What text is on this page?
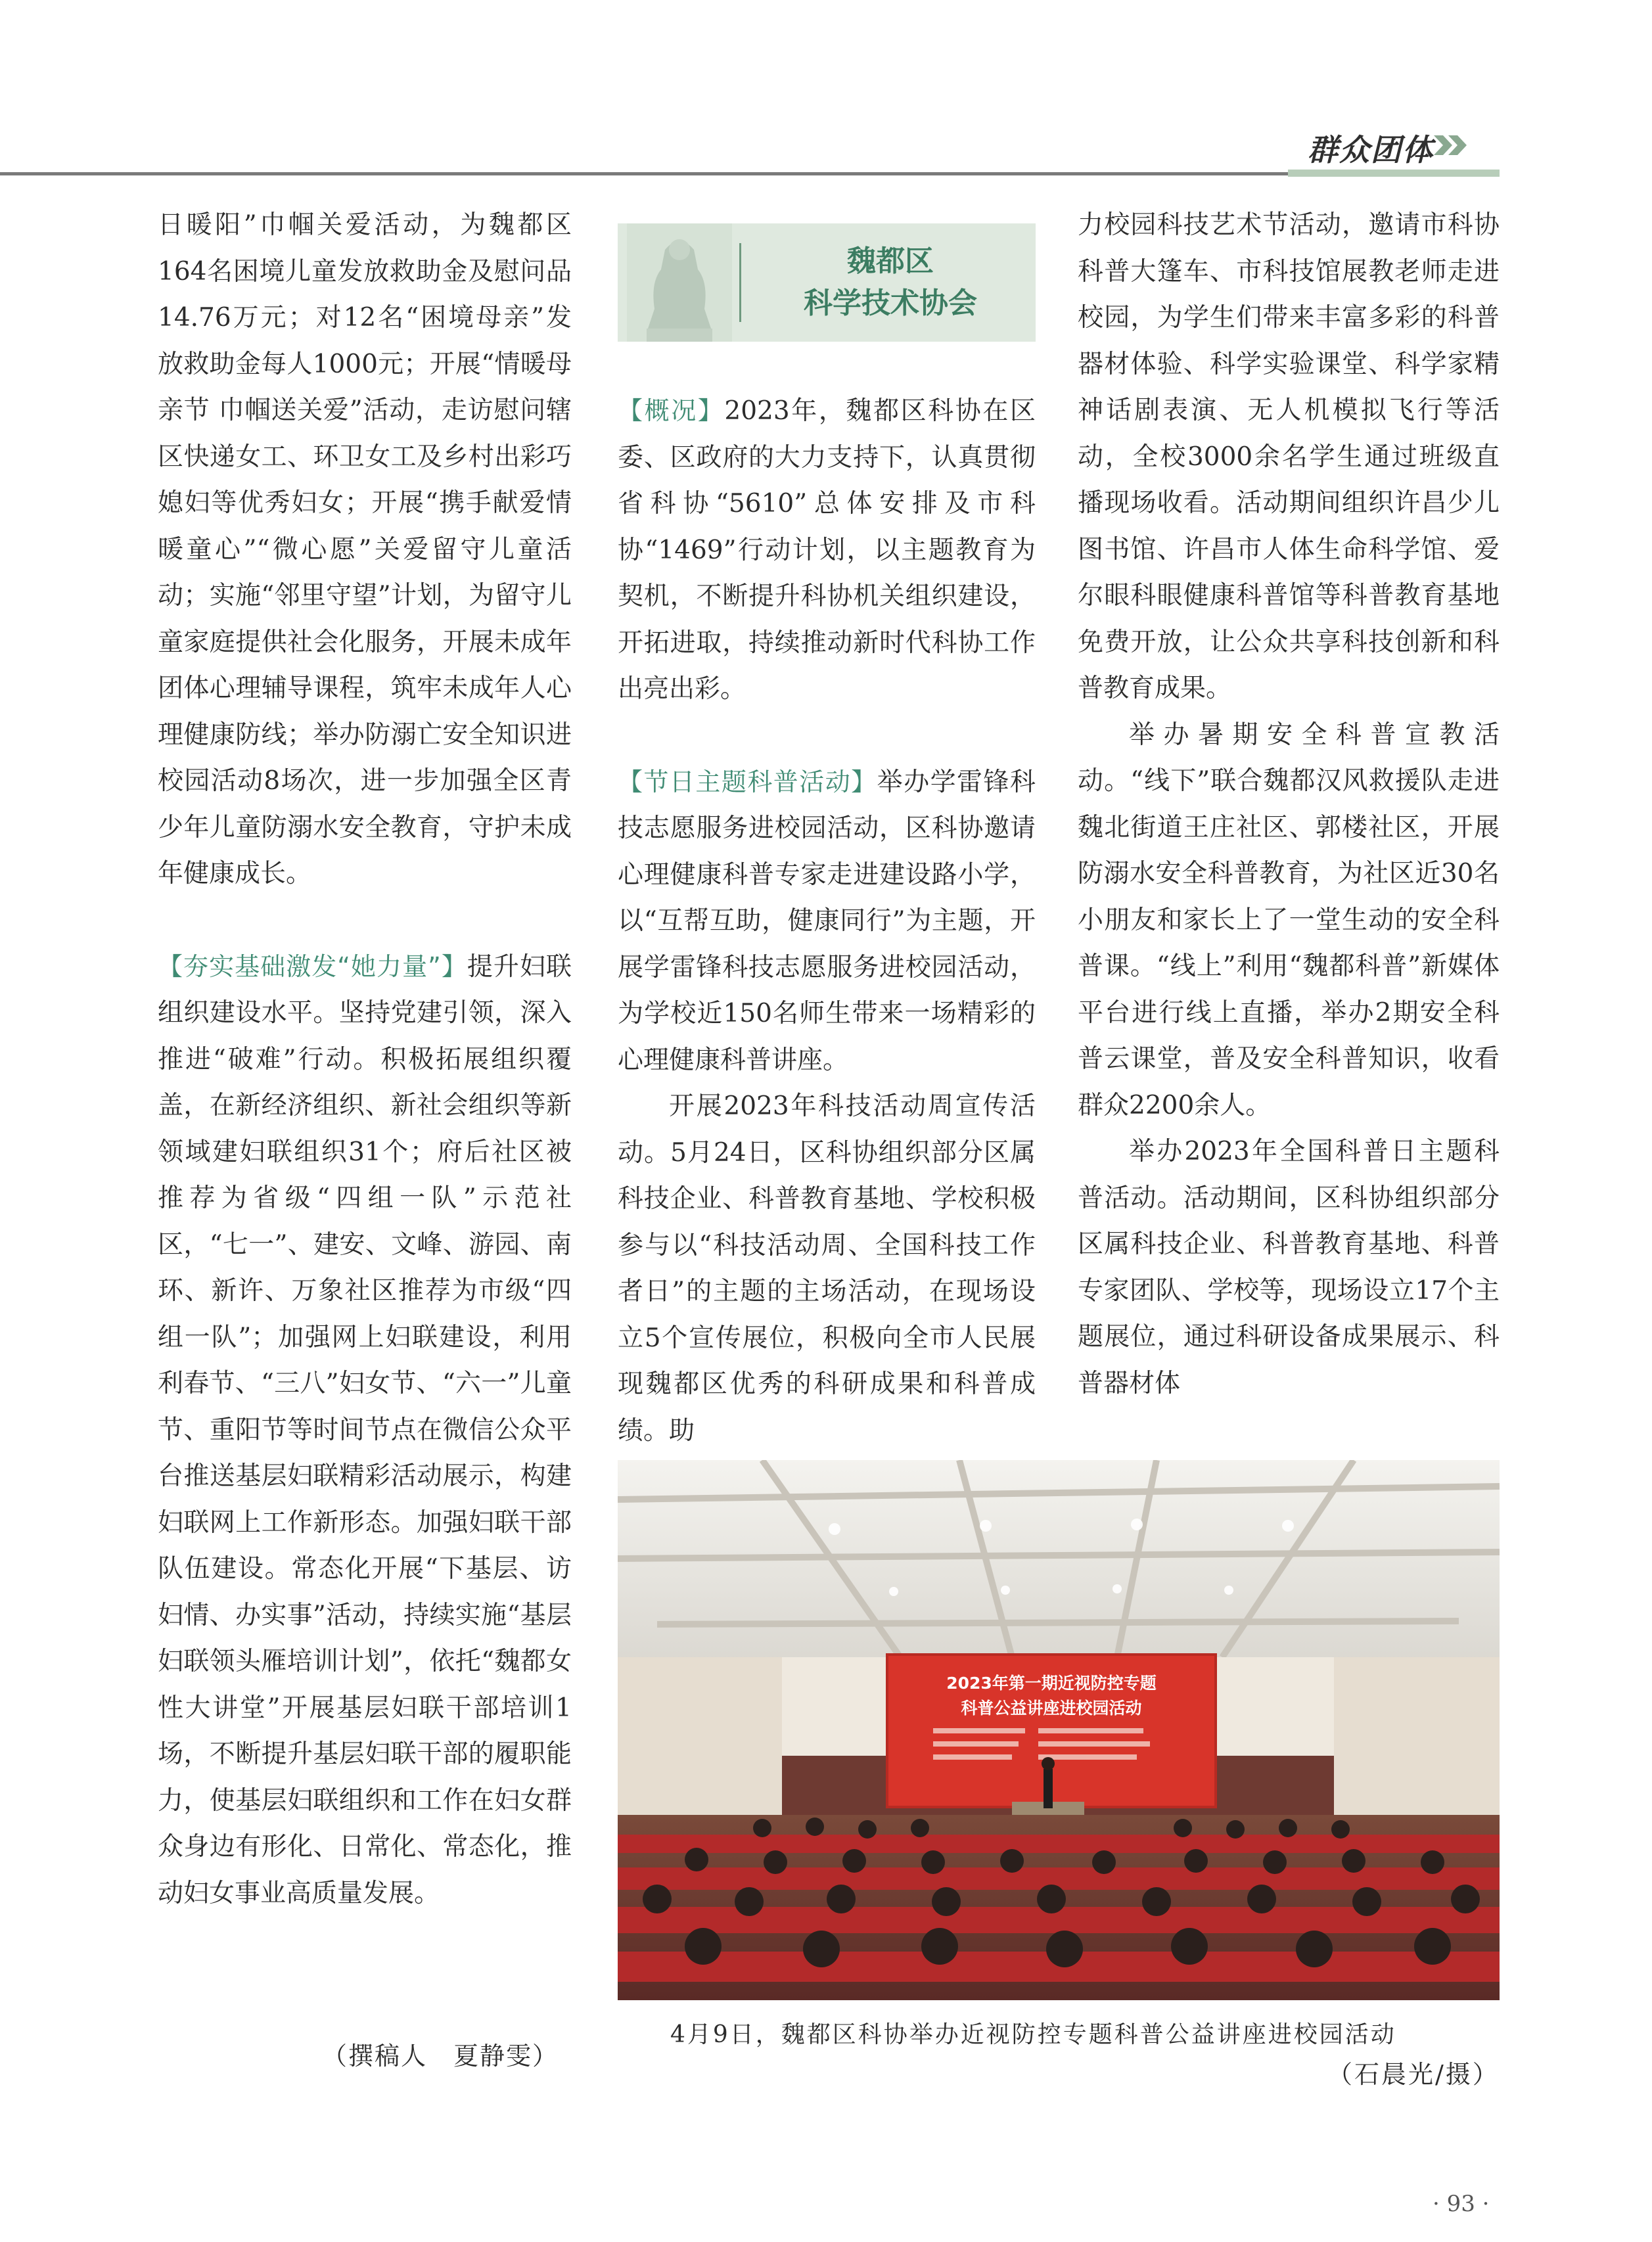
群众团体

日暖阳”巾帼关爱活动，为魏都区164名困境儿童发放救助金及慰问品14.76万元；对12名“困境母亲”发放救助金每人1000元；开展“情暖母亲节 巾帼送关爱”活动，走访慰问辖区快递女工、环卫女工及乡村出彩巧媳妇等优秀妇女；开展“携手献爱情暖童心”“微心愿”关爱留守儿童活动；实施“邻里守望”计划，为留守儿童家庭提供社会化服务，开展未成年团体心理辅导课程，筑牢未成年人心理健康防线；举办防溺亡安全知识进校园活动8场次，进一步加强全区青少年儿童防溺水安全教育，守护未成年健康成长。

【夯实基础激发“她力量”】提升妇联组织建设水平。坚持党建引领，深入推进“破难”行动。积极拓展组织覆盖，在新经济组织、新社会组织等新领域建妇联组织31个；府后社区被推荐为省级“四组一队”示范社区，“七一”、建安、文峰、游园、南环、新许、万象社区推荐为市级“四组一队”；加强网上妇联建设，利用利春节、“三八”妇女节、“六一”儿童节、重阳节等时间节点在微信公众平台推送基层妇联精彩活动展示，构建妇联网上工作新形态。加强妇联干部队伍建设。常态化开展“下基层、访妇情、办实事”活动，持续实施“基层妇联领头雁培训计划”，依托“魏都女性大讲堂”开展基层妇联干部培训1场，不断提升基层妇联干部的履职能力，使基层妇联组织和工作在妇女群众身边有形化、日常化、常态化，推动妇女事业高质量发展。

（撰稿人　夏静雯）
魏都区
科学技术协会

【概况】2023年，魏都区科协在区委、区政府的大力支持下，认真贯彻省科协“5610”总体安排及市科协“1469”行动计划，以主题教育为契机，不断提升科协机关组织建设，开拓进取，持续推动新时代科协工作出亮出彩。

【节日主题科普活动】举办学雷锋科技志愿服务进校园活动，区科协邀请心理健康科普专家走进建设路小学，以“互帮互助，健康同行”为主题，开展学雷锋科技志愿服务进校园活动，为学校近150名师生带来一场精彩的心理健康科普讲座。

开展2023年科技活动周宣传活动。5月24日，区科协组织部分区属科技企业、科普教育基地、学校积极参与以“科技活动周、全国科技工作者日”的主题的主场活动，在现场设立5个宣传展位，积极向全市人民展现魏都区优秀的科研成果和科普成绩。助

力校园科技艺术节活动，邀请市科协科普大篷车、市科技馆展教老师走进校园，为学生们带来丰富多彩的科普器材体验、科学实验课堂、科学家精神话剧表演、无人机模拟飞行等活动，全校3000余名学生通过班级直播现场收看。活动期间组织许昌少儿图书馆、许昌市人体生命科学馆、爱尔眼科眼健康科普馆等科普教育基地免费开放，让公众共享科技创新和科普教育成果。

举办暑期安全科普宣教活动。“线下”联合魏都汉风救援队走进魏北街道王庄社区、郭楼社区，开展防溺水安全科普教育，为社区近30名小朋友和家长上了一堂生动的安全科普课。“线上”利用“魏都科普”新媒体平台进行线上直播，举办2期安全科普云课堂，普及安全科普知识，收看群众2200余人。

举办2023年全国科普日主题科普活动。活动期间，区科协组织部分区属科技企业、科普教育基地、科普专家团队、学校等，现场设立17个主题展位，通过科研设备成果展示、科普器材体

2023年第一期近视防控专题
科普公益讲座进校园活动
4月9日，魏都区科协举办近视防控专题科普公益讲座进校园活动
（石晨光/摄）
· 93 ·
